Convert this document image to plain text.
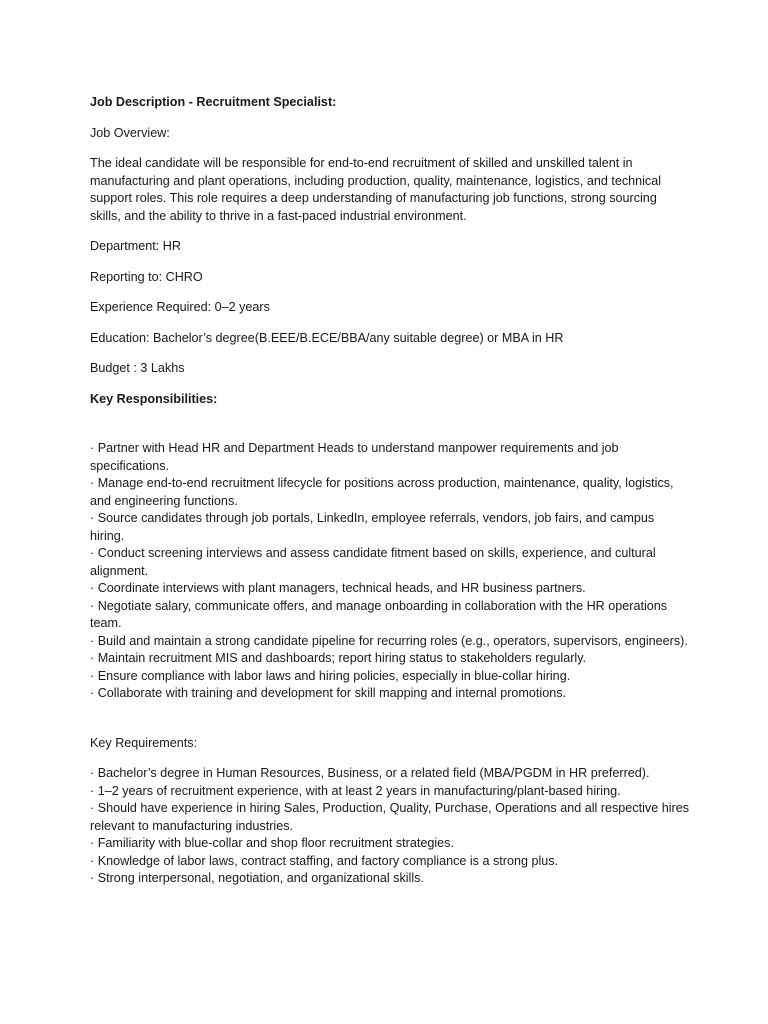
Job Description - Recruitment Specialist:

Job Overview:

The ideal candidate will be responsible for end-to-end recruitment of skilled and unskilled talent in manufacturing and plant operations, including production, quality, maintenance, logistics, and technical support roles. This role requires a deep understanding of manufacturing job functions, strong sourcing skills, and the ability to thrive in a fast-paced industrial environment.

Department: HR

Reporting to: CHRO

Experience Required: 0–2 years

Education: Bachelor’s degree(B.EEE/B.ECE/BBA/any suitable degree) or MBA in HR

Budget : 3 Lakhs

Key Responsibilities:

· Partner with Head HR and Department Heads to understand manpower requirements and job specifications.
· Manage end-to-end recruitment lifecycle for positions across production, maintenance, quality, logistics, and engineering functions.
· Source candidates through job portals, LinkedIn, employee referrals, vendors, job fairs, and campus hiring.
· Conduct screening interviews and assess candidate fitment based on skills, experience, and cultural alignment.
· Coordinate interviews with plant managers, technical heads, and HR business partners.
· Negotiate salary, communicate offers, and manage onboarding in collaboration with the HR operations team.
· Build and maintain a strong candidate pipeline for recurring roles (e.g., operators, supervisors, engineers).
· Maintain recruitment MIS and dashboards; report hiring status to stakeholders regularly.
· Ensure compliance with labor laws and hiring policies, especially in blue-collar hiring.
· Collaborate with training and development for skill mapping and internal promotions.

Key Requirements:

· Bachelor’s degree in Human Resources, Business, or a related field (MBA/PGDM in HR preferred).
· 1–2 years of recruitment experience, with at least 2 years in manufacturing/plant-based hiring.
· Should have experience in hiring Sales, Production, Quality, Purchase, Operations and all respective hires relevant to manufacturing industries.
· Familiarity with blue-collar and shop floor recruitment strategies.
· Knowledge of labor laws, contract staffing, and factory compliance is a strong plus.
· Strong interpersonal, negotiation, and organizational skills.
